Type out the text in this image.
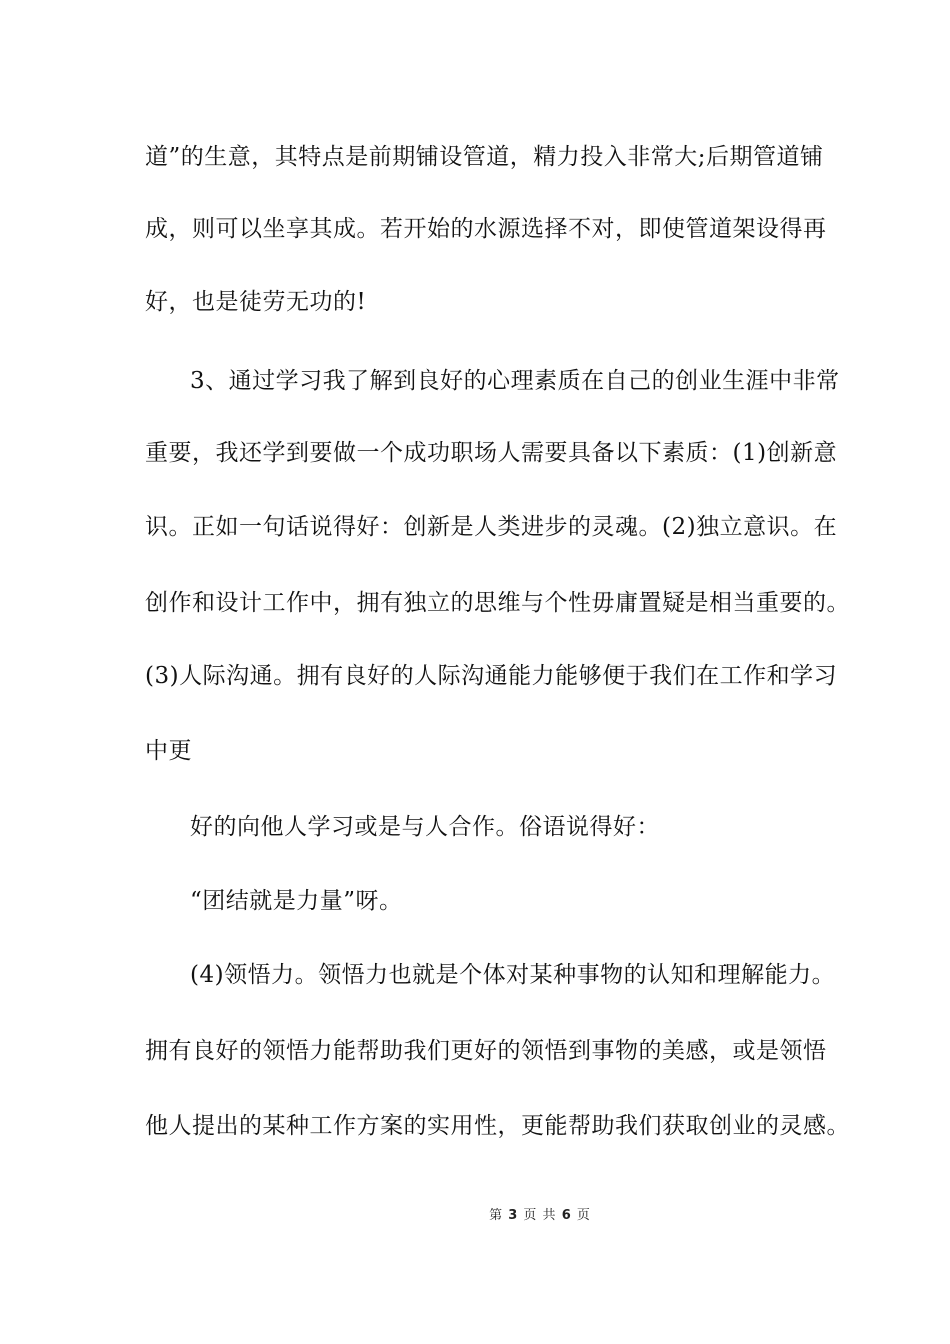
道”的生意，其特点是前期铺设管道，精力投入非常大;后期管道铺
成，则可以坐享其成。若开始的水源选择不对，即使管道架设得再
好，也是徒劳无功的!
3、通过学习我了解到良好的心理素质在自己的创业生涯中非常
重要，我还学到要做一个成功职场人需要具备以下素质：(1)创新意
识。正如一句话说得好：创新是人类进步的灵魂。(2)独立意识。在
创作和设计工作中，拥有独立的思维与个性毋庸置疑是相当重要的。
(3)人际沟通。拥有良好的人际沟通能力能够便于我们在工作和学习
中更
好的向他人学习或是与人合作。俗语说得好：
“团结就是力量”呀。
(4)领悟力。领悟力也就是个体对某种事物的认知和理解能力。
拥有良好的领悟力能帮助我们更好的领悟到事物的美感，或是领悟
他人提出的某种工作方案的实用性，更能帮助我们获取创业的灵感。
第 3 页 共 6 页
